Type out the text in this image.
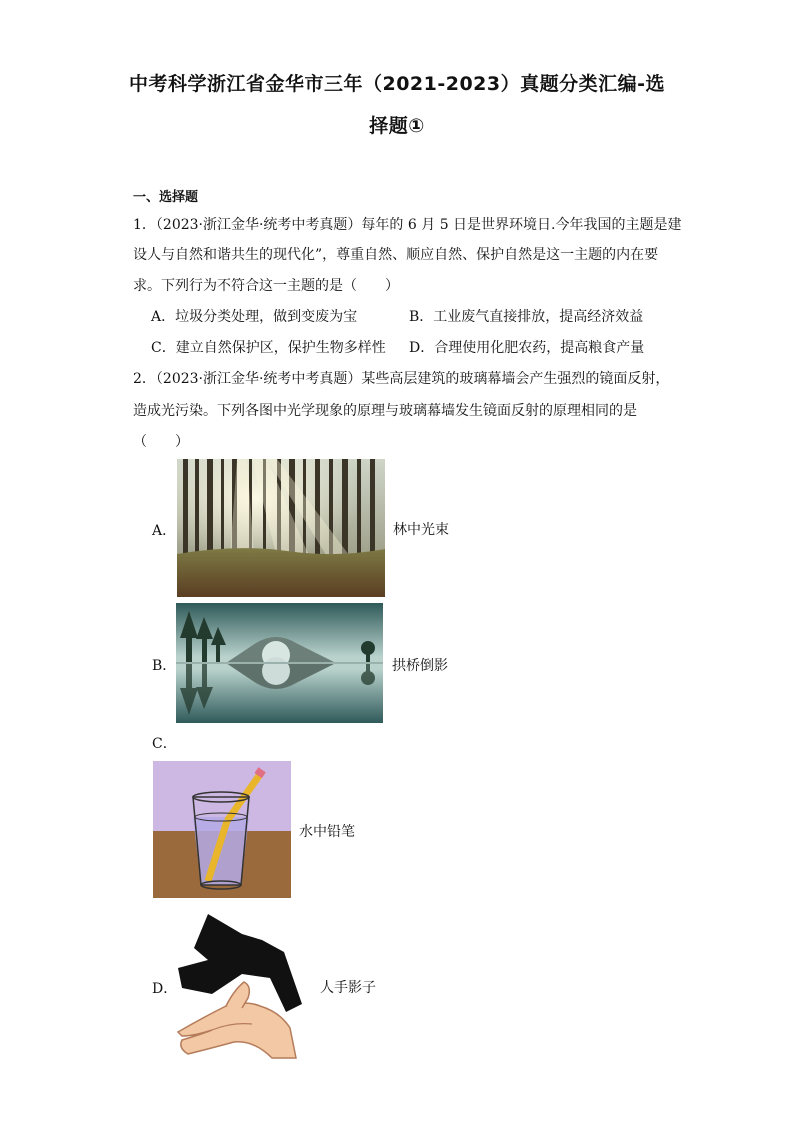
中考科学浙江省金华市三年（2021-2023）真题分类汇编-选
择题①
一、选择题
1．（2023·浙江金华·统考中考真题）每年的 6 月 5 日是世界环境日.今年我国的主题是建
设人与自然和谐共生的现代化”，尊重自然、顺应自然、保护自然是这一主题的内在要
求。下列行为不符合这一主题的是（　　）
A．垃圾分类处理，做到变废为宝	B．工业废气直接排放，提高经济效益
C．建立自然保护区，保护生物多样性 D．合理使用化肥农药，提高粮食产量
2．（2023·浙江金华·统考中考真题）某些高层建筑的玻璃幕墙会产生强烈的镜面反射，
造成光污染。下列各图中光学现象的原理与玻璃幕墙发生镜面反射的原理相同的是
（　　）
A．	林中光束
B．	拱桥倒影
C．
水中铅笔
D．	人手影子
